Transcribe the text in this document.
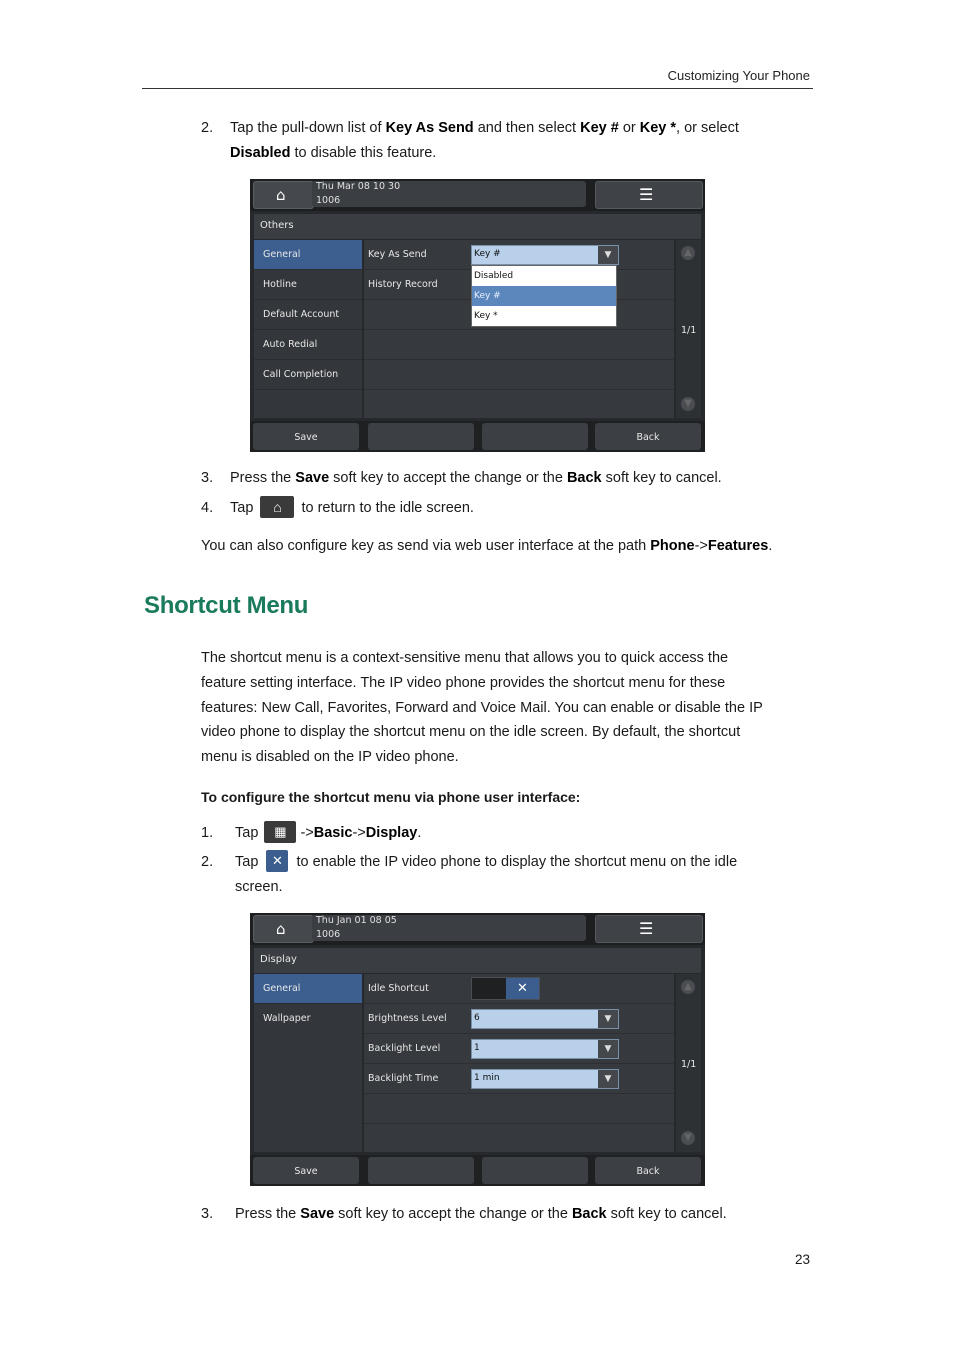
Customizing Your Phone
2. Tap the pull-down list of Key As Send and then select Key # or Key *, or select
Disabled to disable this feature.
⌂	Thu Mar 08 10 30
1006	☰
Others
General
Hotline
Default Account
Auto Redial
Call Completion
Key As Send	Key #	▼
History Record
Disabled
Key #
Key *
▲
1/1
▼
Save	Back
3. Press the Save soft key to accept the change or the Back soft key to cancel.
4. Tap ⌂ to return to the idle screen.
You can also configure key as send via web user interface at the path Phone->Features.
Shortcut Menu
The shortcut menu is a context-sensitive menu that allows you to quick access the
feature setting interface. The IP video phone provides the shortcut menu for these
features: New Call, Favorites, Forward and Voice Mail. You can enable or disable the IP
video phone to display the shortcut menu on the idle screen. By default, the shortcut
menu is disabled on the IP video phone.
To configure the shortcut menu via phone user interface:
1. Tap ▦ ->Basic->Display.
2. Tap ✕ to enable the IP video phone to display the shortcut menu on the idle
screen.
⌂	Thu Jan 01 08 05
1006	☰
Display
General
Wallpaper
Idle Shortcut	✕
Brightness Level	6	▼
Backlight Level	1	▼
Backlight Time	1 min	▼
▲
1/1
▼
Save	Back
3. Press the Save soft key to accept the change or the Back soft key to cancel.
23
